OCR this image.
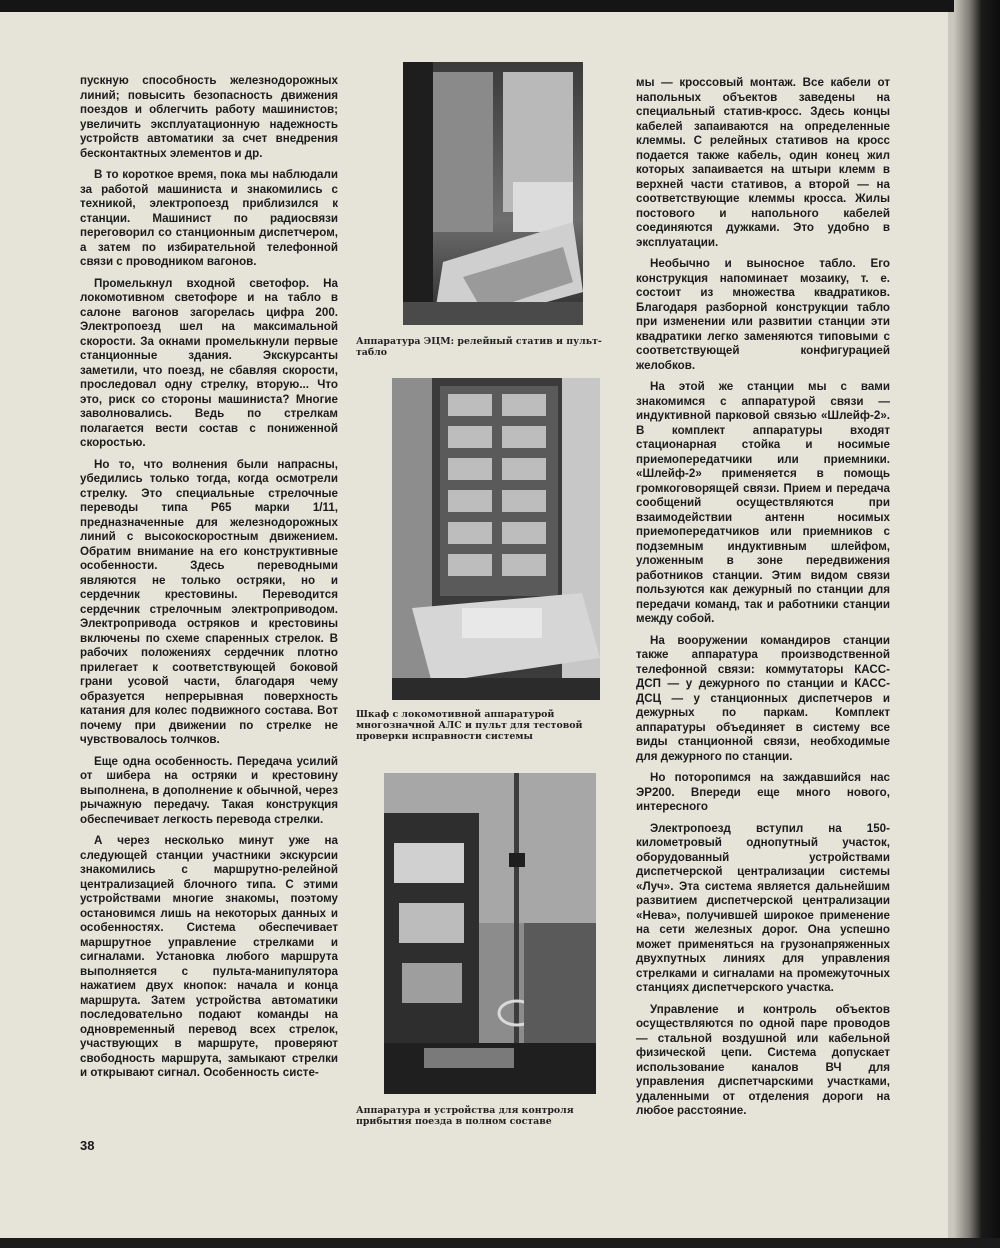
пускную способность железнодорожных линий; повысить безопасность движения поездов и облегчить работу машинистов; увеличить эксплуатационную надежность устройств автоматики за счет внедрения бесконтактных элементов и др.

В то короткое время, пока мы наблюдали за работой машиниста и знакомились с техникой, электропоезд приблизился к станции. Машинист по радиосвязи переговорил со станционным диспетчером, а затем по избирательной телефонной связи с проводником вагонов.

Промелькнул входной светофор. На локомотивном светофоре и на табло в салоне вагонов загорелась цифра 200. Электропоезд шел на максимальной скорости. За окнами промелькнули первые станционные здания. Экскурсанты заметили, что поезд, не сбавляя скорости, проследовал одну стрелку, вторую... Что это, риск со стороны машиниста? Многие заволновались. Ведь по стрелкам полагается вести состав с пониженной скоростью.

Но то, что волнения были напрасны, убедились только тогда, когда осмотрели стрелку. Это специальные стрелочные переводы типа Р65 марки 1/11, предназначенные для железнодорожных линий с высокоскоростным движением. Обратим внимание на его конструктивные особенности. Здесь переводными являются не только остряки, но и сердечник крестовины. Переводится сердечник стрелочным электроприводом. Электропривода остряков и крестовины включены по схеме спаренных стрелок. В рабочих положениях сердечник плотно прилегает к соответствующей боковой грани усовой части, благодаря чему образуется непрерывная поверхность катания для колес подвижного состава. Вот почему при движении по стрелке не чувствовалось толчков.

Еще одна особенность. Передача усилий от шибера на остряки и крестовину выполнена, в дополнение к обычной, через рычажную передачу. Такая конструкция обеспечивает легкость перевода стрелки.

А через несколько минут уже на следующей станции участники экскурсии знакомились с маршрутно-релейной централизацией блочного типа. С этими устройствами многие знакомы, поэтому остановимся лишь на некоторых данных и особенностях. Система обеспечивает маршрутное управление стрелками и сигналами. Установка любого маршрута выполняется с пульта-манипулятора нажатием двух кнопок: начала и конца маршрута. Затем устройства автоматики последовательно подают команды на одновременный перевод всех стрелок, участвующих в маршруте, проверяют свободность маршрута, замыкают стрелки и открывают сигнал. Особенность систе-

Аппаратура ЭЦМ: релейный статив и пульт-табло
Шкаф с локомотивной аппаратурой многозначной АЛС и пульт для тестовой проверки исправности системы
Аппаратура и устройства для контроля прибытия поезда в полном составе

мы — кроссовый монтаж. Все кабели от напольных объектов заведены на специальный статив-кросс. Здесь концы кабелей запаиваются на определенные клеммы. С релейных стативов на кросс подается также кабель, один конец жил которых запаивается на штыри клемм в верхней части стативов, а второй — на соответствующие клеммы кросса. Жилы постового и напольного кабелей соединяются дужками. Это удобно в эксплуатации.

Необычно и выносное табло. Его конструкция напоминает мозаику, т. е. состоит из множества квадратиков. Благодаря разборной конструкции табло при изменении или развитии станции эти квадратики легко заменяются типовыми с соответствующей конфигурацией желобков.

На этой же станции мы с вами знакомимся с аппаратурой связи — индуктивной парковой связью «Шлейф-2». В комплект аппаратуры входят стационарная стойка и носимые приемопередатчики или приемники. «Шлейф-2» применяется в помощь громкоговорящей связи. Прием и передача сообщений осуществляются при взаимодействии антенн носимых приемопередатчиков или приемников с подземным индуктивным шлейфом, уложенным в зоне передвижения работников станции. Этим видом связи пользуются как дежурный по станции для передачи команд, так и работники станции между собой.

На вооружении командиров станции также аппаратура производственной телефонной связи: коммутаторы КАСС-ДСП — у дежурного по станции и КАСС-ДСЦ — у станционных диспетчеров и дежурных по паркам. Комплект аппаратуры объединяет в систему все виды станционной связи, необходимые для дежурного по станции.

Но поторопимся на заждавшийся нас ЭР200. Впереди еще много нового, интересного

Электропоезд вступил на 150-километровый однопутный участок, оборудованный устройствами диспетчерской централизации системы «Луч». Эта система является дальнейшим развитием диспетчерской централизации «Нева», получившей широкое применение на сети железных дорог. Она успешно может применяться на грузонапряженных двухпутных линиях для управления стрелками и сигналами на промежуточных станциях диспетчерского участка.

Управление и контроль объектов осуществляются по одной паре проводов — стальной воздушной или кабельной физической цепи. Система допускает использование каналов ВЧ для управления диспетчарскими участками, удаленными от отделения дороги на любое расстояние.

38
